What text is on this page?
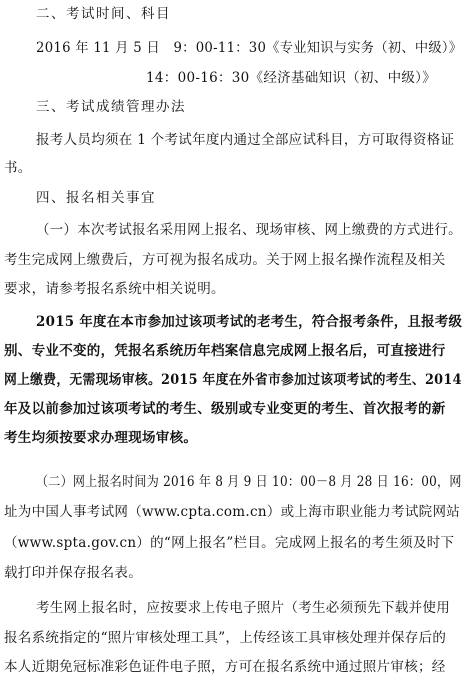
二、考试时间、科目
2016 年 11 月 5 日　9：00-11：30《专业知识与实务（初、中级）》
14：00-16：30《经济基础知识（初、中级）》
三、考试成绩管理办法
报考人员均须在 1 个考试年度内通过全部应试科目，方可取得资格证
书。
四、报名相关事宜
（一）本次考试报名采用网上报名、现场审核、网上缴费的方式进行。
考生完成网上缴费后，方可视为报名成功。关于网上报名操作流程及相关
要求，请参考报名系统中相关说明。
2015 年度在本市参加过该项考试的老考生，符合报考条件，且报考级
别、专业不变的，凭报名系统历年档案信息完成网上报名后，可直接进行
网上缴费，无需现场审核。2015 年度在外省市参加过该项考试的考生、2014
年及以前参加过该项考试的考生、级别或专业变更的考生、首次报考的新
考生均须按要求办理现场审核。
（二）网上报名时间为 2016 年 8 月 9 日 10：00－8 月 28 日 16：00，网
址为中国人事考试网（www.cpta.com.cn）或上海市职业能力考试院网站
（www.spta.gov.cn）的“网上报名”栏目。完成网上报名的考生须及时下
载打印并保存报名表。
考生网上报名时，应按要求上传电子照片（考生必须预先下载并使用
报名系统指定的“照片审核处理工具”，上传经该工具审核处理并保存后的
本人近期免冠标准彩色证件电子照，方可在报名系统中通过照片审核；经
